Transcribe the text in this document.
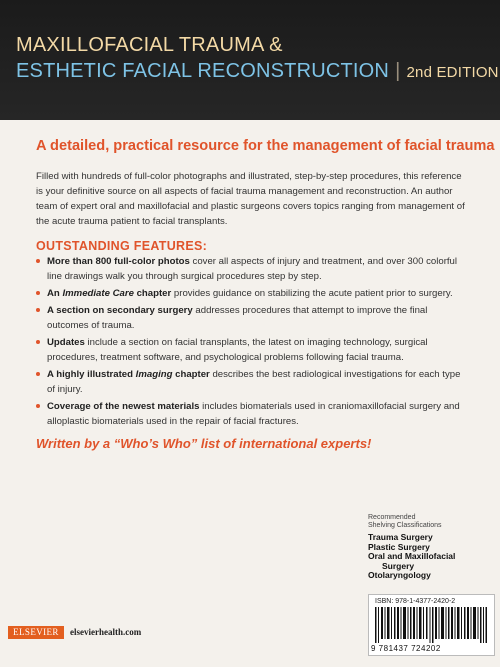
MAXILLOFACIAL TRAUMA &
ESTHETIC FACIAL RECONSTRUCTION | 2nd EDITION
A detailed, practical resource for the management of facial trauma
Filled with hundreds of full-color photographs and illustrated, step-by-step procedures, this reference is your definitive source on all aspects of facial trauma management and reconstruction. An author team of expert oral and maxillofacial and plastic surgeons covers topics ranging from management of the acute trauma patient to facial transplants.
OUTSTANDING FEATURES:
More than 800 full-color photos cover all aspects of injury and treatment, and over 300 colorful line drawings walk you through surgical procedures step by step.
An Immediate Care chapter provides guidance on stabilizing the acute patient prior to surgery.
A section on secondary surgery addresses procedures that attempt to improve the final outcomes of trauma.
Updates include a section on facial transplants, the latest on imaging technology, surgical procedures, treatment software, and psychological problems following facial trauma.
A highly illustrated Imaging chapter describes the best radiological investigations for each type of injury.
Coverage of the newest materials includes biomaterials used in craniomaxillofacial surgery and alloplastic biomaterials used in the repair of facial fractures.
Written by a “Who’s Who” list of international experts!
Recommended
Shelving Classifications
Trauma Surgery
Plastic Surgery
Oral and Maxillofacial
Surgery
Otolaryngology
ISBN: 978-1-4377-2420-2
9 781437 724202
ELSEVIER	elsevierhealth.com
